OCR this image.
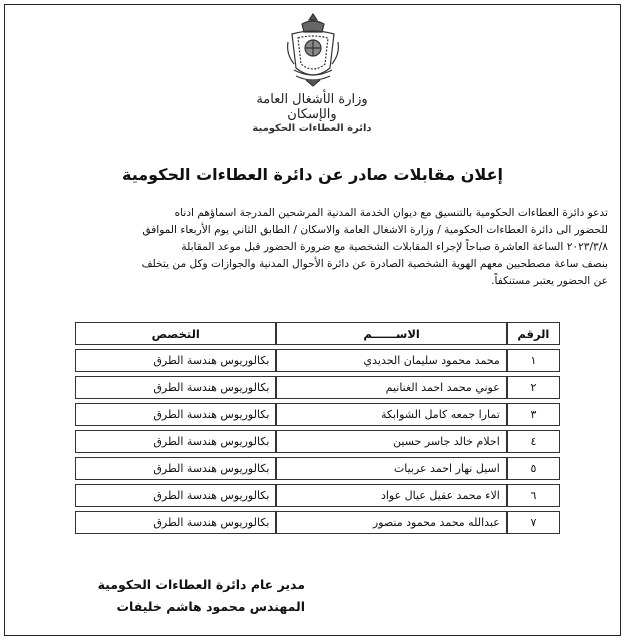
وزارة الأشغال العامة والإسكان
دائرة العطاءات الحكومية
إعلان مقابلات صادر عن دائرة العطاءات الحكومية
تدعو دائرة العطاءات الحكومية بالتنسيق مع ديوان الخدمة المدنية المرشحين المدرجة اسماؤهم ادناه
للحضور الى دائرة العطاءات الحكومية / وزارة الاشغال العامة والاسكان / الطابق الثاني يوم الأربعاء الموافق
٢٠٢٣/٣/٨ الساعة العاشرة صباحاً لإجراء المقابلات الشخصية مع ضرورة الحضور قبل موعد المقابلة
بنصف ساعة مصطحبين معهم الهوية الشخصية الصادرة عن دائرة الأحوال المدنية والجوازات وكل من يتخلف
عن الحضور يعتبر مستنكفاً.
الرقم	الاســــــم	التخصص
١	محمد محمود سليمان الحديدي	بكالوريوس هندسة الطرق
٢	عوني محمد احمد الغنانيم	بكالوريوس هندسة الطرق
٣	تمارا جمعه كامل الشوابكة	بكالوريوس هندسة الطرق
٤	احلام خالد جاسر حسين	بكالوريوس هندسة الطرق
٥	اسيل نهار احمد عربيات	بكالوريوس هندسة الطرق
٦	الاء محمد عقيل عيال عواد	بكالوريوس هندسة الطرق
٧	عبدالله محمد محمود منصور	بكالوريوس هندسة الطرق
مدير عام دائرة العطاءات الحكومية
المهندس محمود هاشم خليفات
